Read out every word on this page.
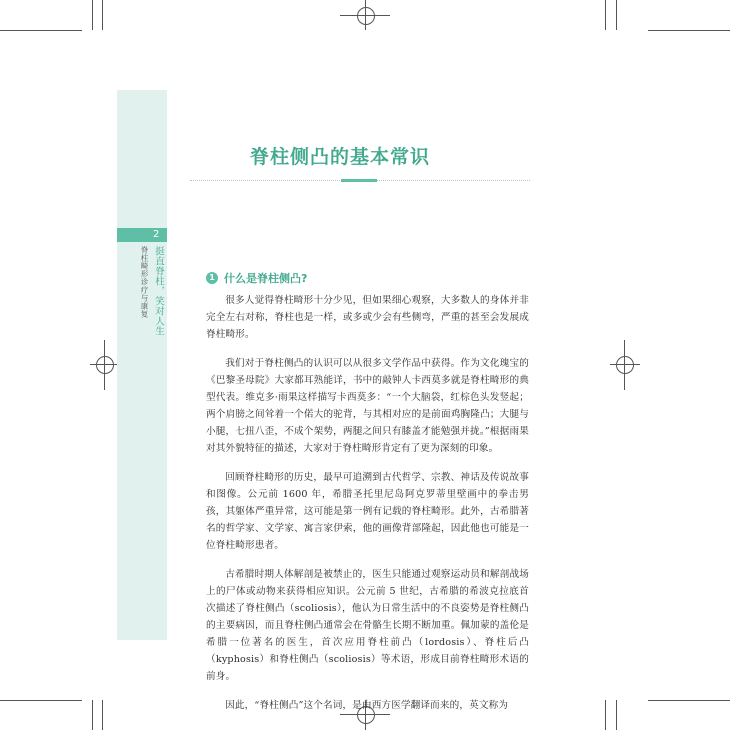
2
挺直脊柱，笑对人生
脊柱畸形诊疗与康复
脊柱侧凸的基本常识
1 什么是脊柱侧凸?

很多人觉得脊柱畸形十分少见，但如果细心观察，大多数人的身体并非完全左右对称，脊柱也是一样，或多或少会有些侧弯，严重的甚至会发展成脊柱畸形。

我们对于脊柱侧凸的认识可以从很多文学作品中获得。作为文化瑰宝的《巴黎圣母院》大家都耳熟能详，书中的敲钟人卡西莫多就是脊柱畸形的典型代表。维克多·雨果这样描写卡西莫多：“一个大脑袋，红棕色头发竖起；两个肩膀之间耸着一个偌大的驼背，与其相对应的是前面鸡胸隆凸；大腿与小腿，七扭八歪，不成个架势，两腿之间只有膝盖才能勉强并拢。”根据雨果对其外貌特征的描述，大家对于脊柱畸形肯定有了更为深刻的印象。

回顾脊柱畸形的历史，最早可追溯到古代哲学、宗教、神话及传说故事和图像。公元前 1600 年，希腊圣托里尼岛阿克罗蒂里壁画中的拳击男孩，其躯体严重异常，这可能是第一例有记载的脊柱畸形。此外，古希腊著名的哲学家、文学家、寓言家伊索，他的画像背部隆起，因此他也可能是一位脊柱畸形患者。

古希腊时期人体解剖是被禁止的，医生只能通过观察运动员和解剖战场上的尸体或动物来获得相应知识。公元前 5 世纪，古希腊的希波克拉底首次描述了脊柱侧凸（scoliosis），他认为日常生活中的不良姿势是脊柱侧凸的主要病因，而且脊柱侧凸通常会在骨骼生长期不断加重。佩加蒙的盖伦是希腊一位著名的医生，首次应用脊柱前凸（lordosis）、脊柱后凸（kyphosis）和脊柱侧凸（scoliosis）等术语，形成目前脊柱畸形术语的前身。

因此，“脊柱侧凸”这个名词，是由西方医学翻译而来的，英文称为
